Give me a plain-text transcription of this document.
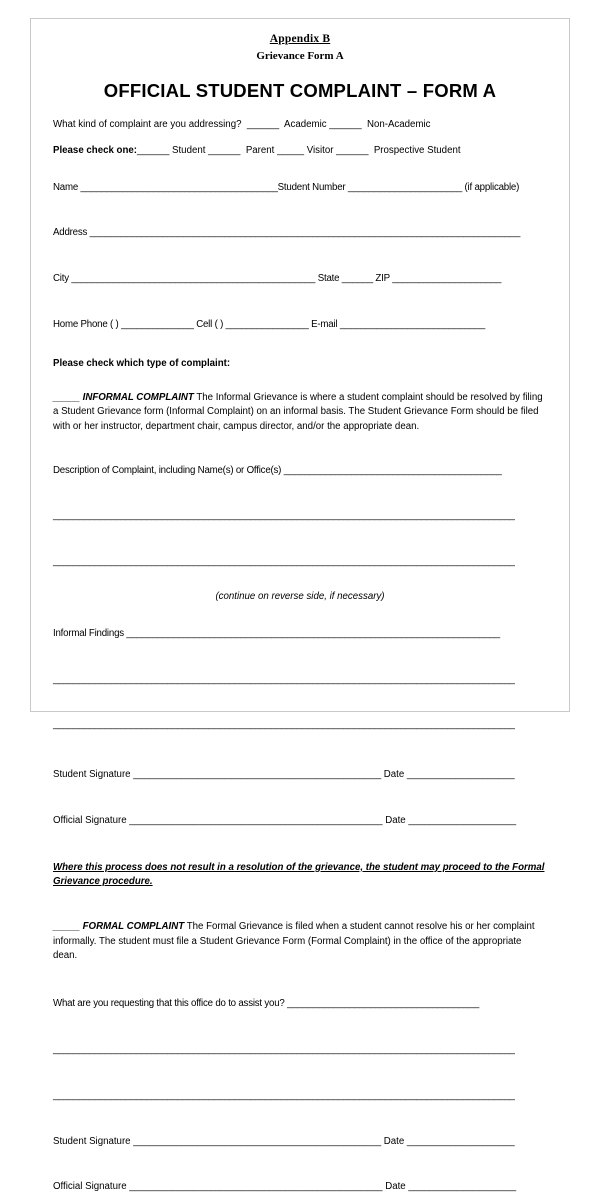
Appendix B
Grievance Form A
OFFICIAL STUDENT COMPLAINT – FORM A

What kind of complaint are you addressing?  ______  Academic ______  Non-Academic

Please check one:______ Student ______  Parent _____ Visitor ______  Prospective Student

Name ______________________________________Student Number ______________________ (if applicable)

Address ___________________________________________________________________________________

City _______________________________________________ State ______ ZIP _____________________

Home Phone ( ) ______________ Cell ( ) ________________ E-mail ____________________________

Please check which type of complaint:

_____ INFORMAL COMPLAINT The Informal Grievance is where a student complaint should be resolved by filing a Student Grievance form (Informal Complaint) on an informal basis. The Student Grievance Form should be filed with or her instructor, department chair, campus director, and/or the appropriate dean.

Description of Complaint, including Name(s) or Office(s) __________________________________________

_________________________________________________________________________________________

_________________________________________________________________________________________

(continue on reverse side, if necessary)

Informal Findings ________________________________________________________________________

_________________________________________________________________________________________

_________________________________________________________________________________________

Student Signature ______________________________________________ Date ____________________

Official Signature _______________________________________________ Date ____________________

Where this process does not result in a resolution of the grievance, the student may proceed to the Formal Grievance procedure.

_____ FORMAL COMPLAINT The Formal Grievance is filed when a student cannot resolve his or her complaint informally. The student must file a Student Grievance Form (Formal Complaint) in the office of the appropriate dean.

What are you requesting that this office do to assist you? _____________________________________

_________________________________________________________________________________________

_________________________________________________________________________________________

Student Signature ______________________________________________ Date ____________________

Official Signature _______________________________________________ Date ____________________
